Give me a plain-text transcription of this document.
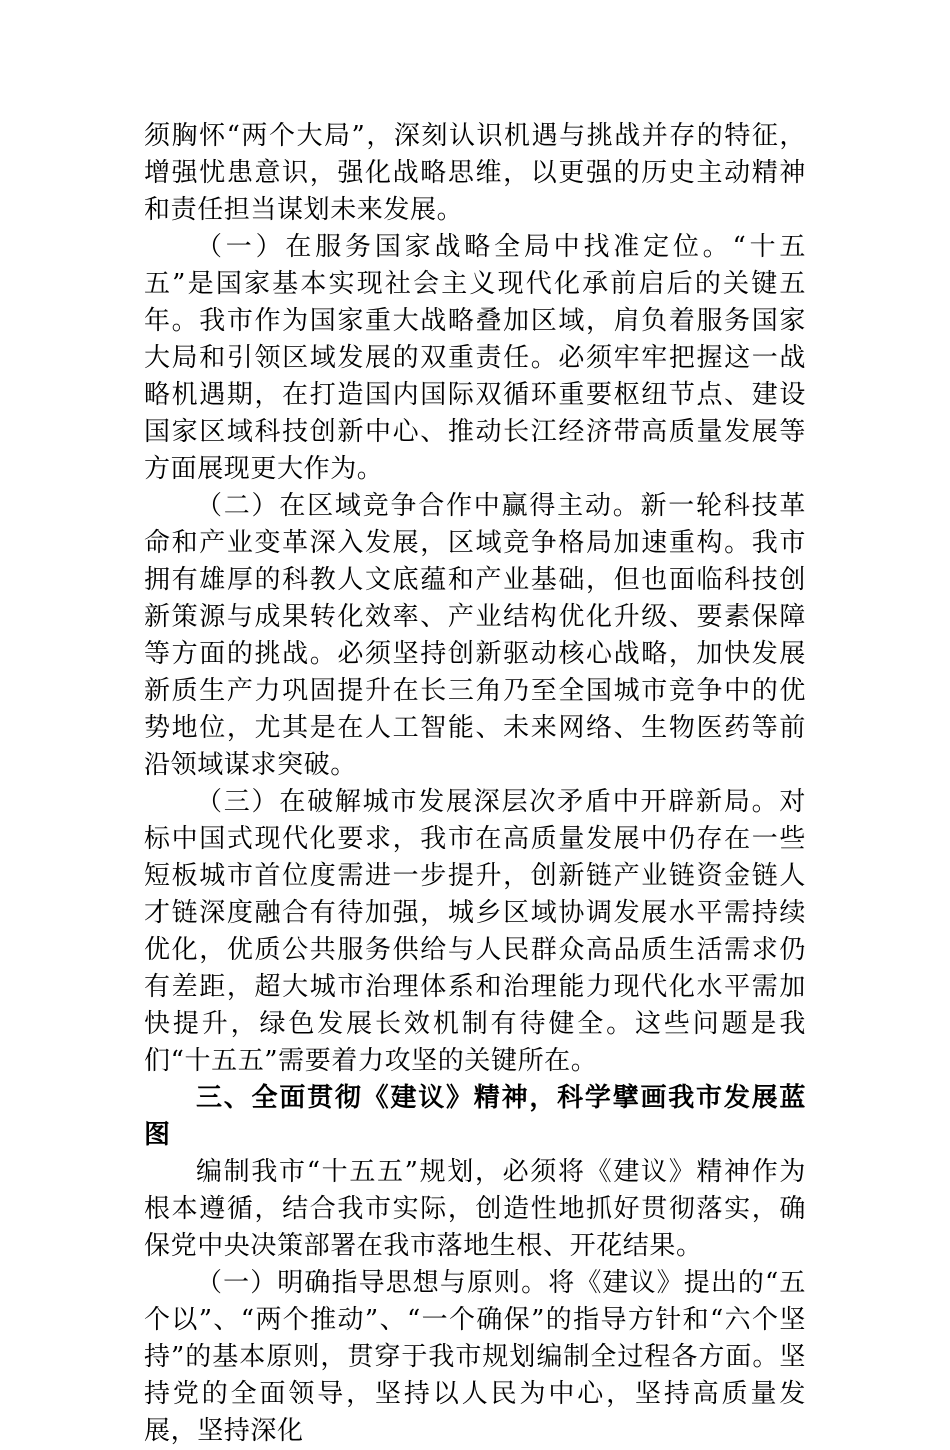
须胸怀“两个大局”，深刻认识机遇与挑战并存的特征，增强忧患意识，强化战略思维，以更强的历史主动精神和责任担当谋划未来发展。

（一）在服务国家战略全局中找准定位。“十五五”是国家基本实现社会主义现代化承前启后的关键五年。我市作为国家重大战略叠加区域，肩负着服务国家大局和引领区域发展的双重责任。必须牢牢把握这一战略机遇期，在打造国内国际双循环重要枢纽节点、建设国家区域科技创新中心、推动长江经济带高质量发展等方面展现更大作为。

（二）在区域竞争合作中赢得主动。新一轮科技革命和产业变革深入发展，区域竞争格局加速重构。我市拥有雄厚的科教人文底蕴和产业基础，但也面临科技创新策源与成果转化效率、产业结构优化升级、要素保障等方面的挑战。必须坚持创新驱动核心战略，加快发展新质生产力巩固提升在长三角乃至全国城市竞争中的优势地位，尤其是在人工智能、未来网络、生物医药等前沿领域谋求突破。

（三）在破解城市发展深层次矛盾中开辟新局。对标中国式现代化要求，我市在高质量发展中仍存在一些短板城市首位度需进一步提升，创新链产业链资金链人才链深度融合有待加强，城乡区域协调发展水平需持续优化，优质公共服务供给与人民群众高品质生活需求仍有差距，超大城市治理体系和治理能力现代化水平需加快提升，绿色发展长效机制有待健全。这些问题是我们“十五五”需要着力攻坚的关键所在。

三、全面贯彻《建议》精神，科学擘画我市发展蓝图

编制我市“十五五”规划，必须将《建议》精神作为根本遵循，结合我市实际，创造性地抓好贯彻落实，确保党中央决策部署在我市落地生根、开花结果。

（一）明确指导思想与原则。将《建议》提出的“五个以”、“两个推动”、“一个确保”的指导方针和“六个坚持”的基本原则，贯穿于我市规划编制全过程各方面。坚持党的全面领导，坚持以人民为中心，坚持高质量发展，坚持深化
